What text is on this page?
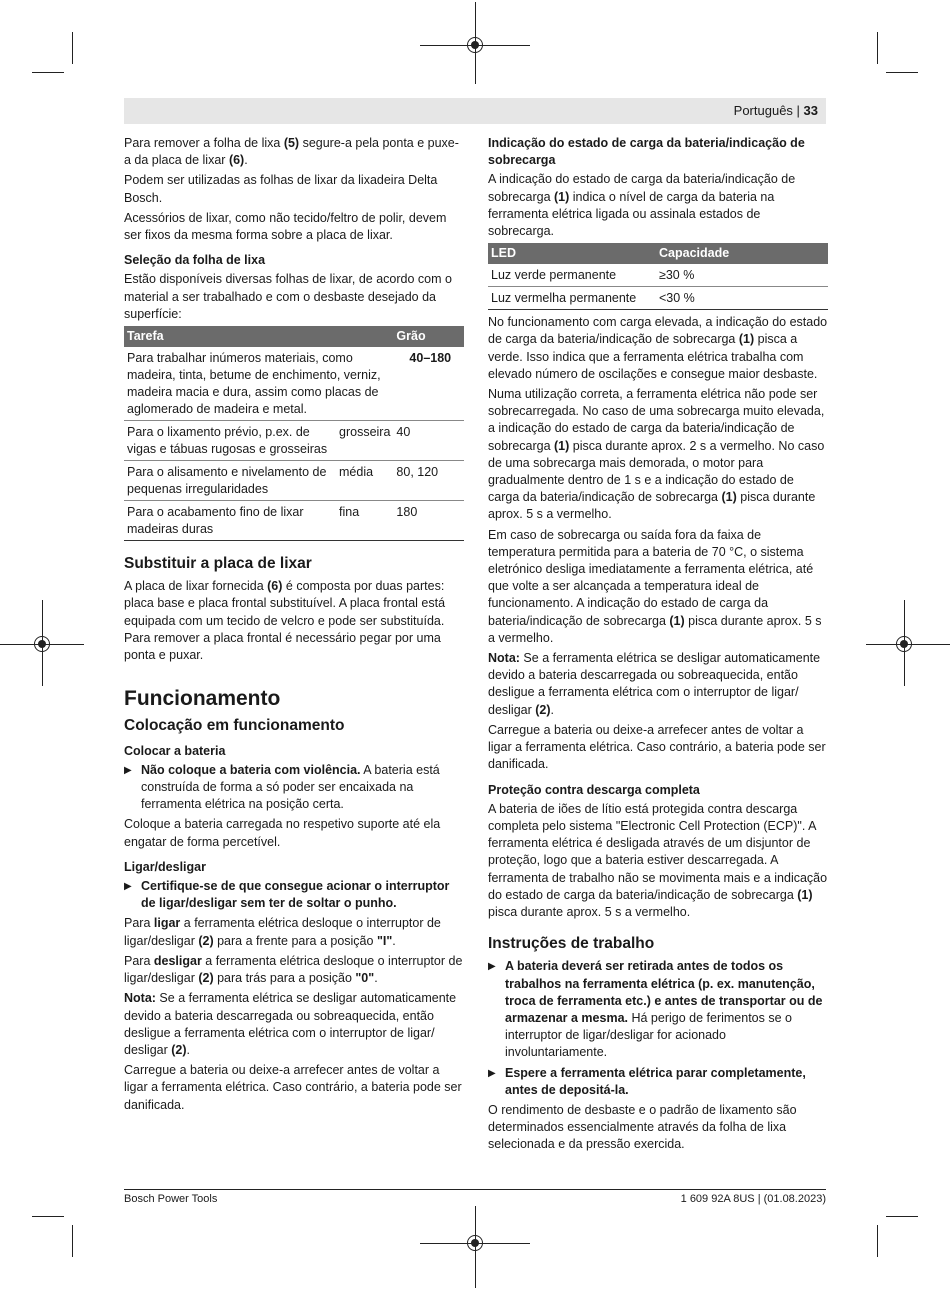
Português | 33

Para remover a folha de lixa (5) segure-a pela ponta e puxe-a da placa de lixar (6).

Podem ser utilizadas as folhas de lixar da lixadeira Delta Bosch.

Acessórios de lixar, como não tecido/feltro de polir, devem ser fixos da mesma forma sobre a placa de lixar.

Seleção da folha de lixa

Estão disponíveis diversas folhas de lixar, de acordo com o material a ser trabalhado e com o desbaste desejado da superfície:

Tarefa		Grão
Para trabalhar inúmeros materiais, como madeira, tinta, betume de enchimento, verniz, madeira macia e dura, assim como placas de aglomerado de madeira e metal.		40–180
Para o lixamento prévio, p.ex. de vigas e tábuas rugosas e grosseiras	grosseira	40
Para o alisamento e nivelamento de pequenas irregularidades	média	80, 120
Para o acabamento fino de lixar madeiras duras	fina	180
Substituir a placa de lixar

A placa de lixar fornecida (6) é composta por duas partes: placa base e placa frontal substituível. A placa frontal está equipada com um tecido de velcro e pode ser substituída. Para remover a placa frontal é necessário pegar por uma ponta e puxar.

Funcionamento
Colocação em funcionamento
Colocar a bateria

▶ Não coloque a bateria com violência. A bateria está construída de forma a só poder ser encaixada na ferramenta elétrica na posição certa.

Coloque a bateria carregada no respetivo suporte até ela engatar de forma percetível.

Ligar/desligar

▶ Certifique-se de que consegue acionar o interruptor de ligar/desligar sem ter de soltar o punho.

Para ligar a ferramenta elétrica desloque o interruptor de ligar/desligar (2) para a frente para a posição "I".

Para desligar a ferramenta elétrica desloque o interruptor de ligar/desligar (2) para trás para a posição "0".

Nota: Se a ferramenta elétrica se desligar automaticamente devido a bateria descarregada ou sobreaquecida, então desligue a ferramenta elétrica com o interruptor de ligar/ desligar (2).

Carregue a bateria ou deixe-a arrefecer antes de voltar a ligar a ferramenta elétrica. Caso contrário, a bateria pode ser danificada.

Indicação do estado de carga da bateria/indicação de sobrecarga

A indicação do estado de carga da bateria/indicação de sobrecarga (1) indica o nível de carga da bateria na ferramenta elétrica ligada ou assinala estados de sobrecarga.

LED	Capacidade
Luz verde permanente	≥30 %
Luz vermelha permanente	<30 %

No funcionamento com carga elevada, a indicação do estado de carga da bateria/indicação de sobrecarga (1) pisca a verde. Isso indica que a ferramenta elétrica trabalha com elevado número de oscilações e consegue maior desbaste.

Numa utilização correta, a ferramenta elétrica não pode ser sobrecarregada. No caso de uma sobrecarga muito elevada, a indicação do estado de carga da bateria/indicação de sobrecarga (1) pisca durante aprox. 2 s a vermelho. No caso de uma sobrecarga mais demorada, o motor para gradualmente dentro de 1 s e a indicação do estado de carga da bateria/indicação de sobrecarga (1) pisca durante aprox. 5 s a vermelho.

Em caso de sobrecarga ou saída fora da faixa de temperatura permitida para a bateria de 70 °C, o sistema eletrónico desliga imediatamente a ferramenta elétrica, até que volte a ser alcançada a temperatura ideal de funcionamento. A indicação do estado de carga da bateria/indicação de sobrecarga (1) pisca durante aprox. 5 s a vermelho.

Nota: Se a ferramenta elétrica se desligar automaticamente devido a bateria descarregada ou sobreaquecida, então desligue a ferramenta elétrica com o interruptor de ligar/ desligar (2).

Carregue a bateria ou deixe-a arrefecer antes de voltar a ligar a ferramenta elétrica. Caso contrário, a bateria pode ser danificada.

Proteção contra descarga completa

A bateria de iões de lítio está protegida contra descarga completa pelo sistema "Electronic Cell Protection (ECP)". A ferramenta elétrica é desligada através de um disjuntor de proteção, logo que a bateria estiver descarregada. A ferramenta de trabalho não se movimenta mais e a indicação do estado de carga da bateria/indicação de sobrecarga (1) pisca durante aprox. 5 s a vermelho.

Instruções de trabalho

▶ A bateria deverá ser retirada antes de todos os trabalhos na ferramenta elétrica (p. ex. manutenção, troca de ferramenta etc.) e antes de transportar ou de armazenar a mesma. Há perigo de ferimentos se o interruptor de ligar/desligar for acionado involuntariamente.

▶ Espere a ferramenta elétrica parar completamente, antes de depositá-la.

O rendimento de desbaste e o padrão de lixamento são determinados essencialmente através da folha de lixa selecionada e da pressão exercida.

Bosch Power Tools	1 609 92A 8US | (01.08.2023)
